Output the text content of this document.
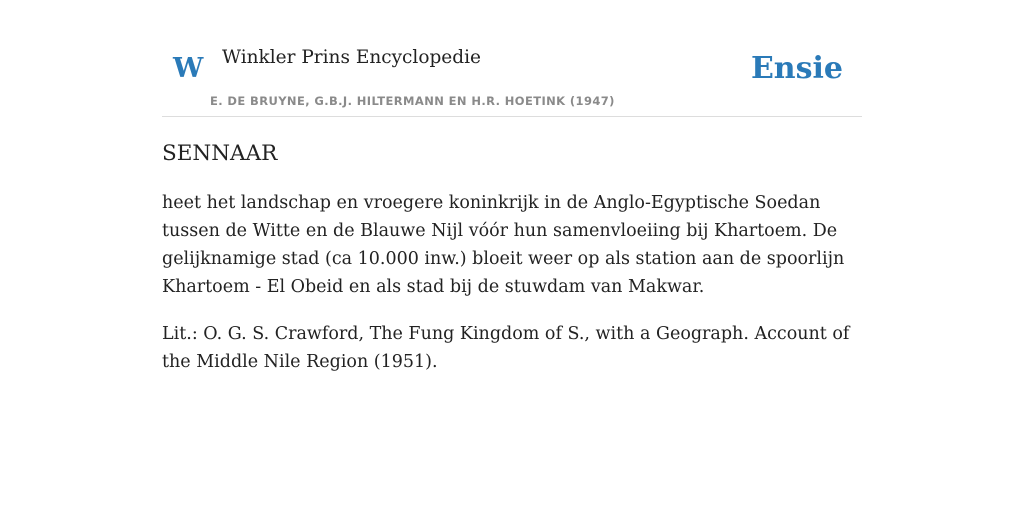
W Winkler Prins Encyclopedie
E. DE BRUYNE, G.B.J. HILTERMANN EN H.R. HOETINK (1947)
Ensie
SENNAAR

heet het landschap en vroegere koninkrijk in de Anglo-Egyptische Soedan tussen de Witte en de Blauwe Nijl vóór hun samenvloeiing bij Khartoem. De gelijknamige stad (ca 10.000 inw.) bloeit weer op als station aan de spoorlijn Khartoem - El Obeid en als stad bij de stuwdam van Makwar.

Lit.: O. G. S. Crawford, The Fung Kingdom of S., with a Geograph. Account of the Middle Nile Region (1951).
